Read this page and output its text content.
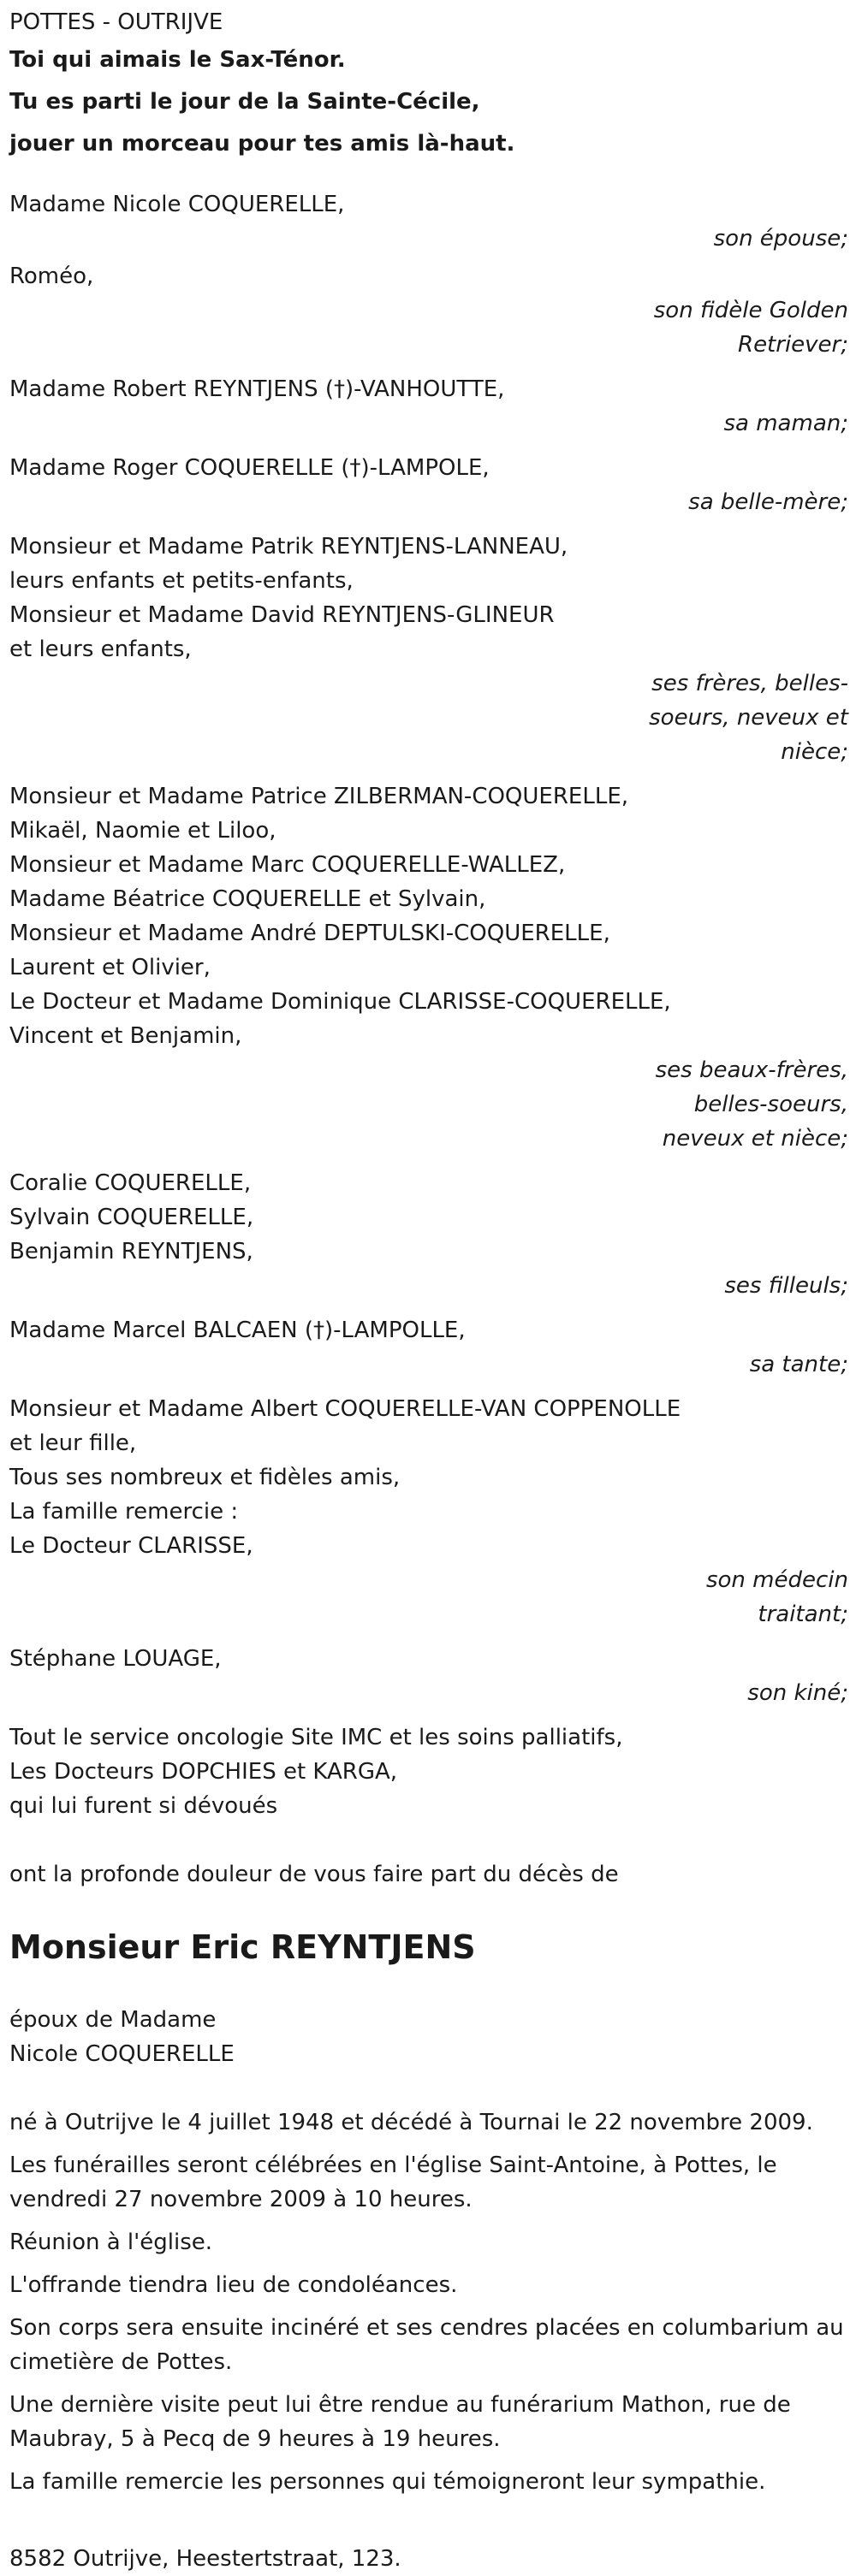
POTTES - OUTRIJVE
Toi qui aimais le Sax-Ténor.
Tu es parti le jour de la Sainte-Cécile,
jouer un morceau pour tes amis là-haut.
Madame Nicole COQUERELLE,
son épouse;
Roméo,
son fidèle Golden
Retriever;
Madame Robert REYNTJENS (†)-VANHOUTTE,
sa maman;
Madame Roger COQUERELLE (†)-LAMPOLE,
sa belle-mère;
Monsieur et Madame Patrik REYNTJENS-LANNEAU,
leurs enfants et petits-enfants,
Monsieur et Madame David REYNTJENS-GLINEUR
et leurs enfants,
ses frères, belles-
soeurs, neveux et
nièce;
Monsieur et Madame Patrice ZILBERMAN-COQUERELLE,
Mikaël, Naomie et Liloo,
Monsieur et Madame Marc COQUERELLE-WALLEZ,
Madame Béatrice COQUERELLE et Sylvain,
Monsieur et Madame André DEPTULSKI-COQUERELLE,
Laurent et Olivier,
Le Docteur et Madame Dominique CLARISSE-COQUERELLE,
Vincent et Benjamin,
ses beaux-frères,
belles-soeurs,
neveux et nièce;
Coralie COQUERELLE,
Sylvain COQUERELLE,
Benjamin REYNTJENS,
ses filleuls;
Madame Marcel BALCAEN (†)-LAMPOLLE,
sa tante;
Monsieur et Madame Albert COQUERELLE-VAN COPPENOLLE
et leur fille,
Tous ses nombreux et fidèles amis,
La famille remercie :
Le Docteur CLARISSE,
son médecin
traitant;
Stéphane LOUAGE,
son kiné;
Tout le service oncologie Site IMC et les soins palliatifs,
Les Docteurs DOPCHIES et KARGA,
qui lui furent si dévoués
ont la profonde douleur de vous faire part du décès de
Monsieur Eric REYNTJENS
époux de Madame
Nicole COQUERELLE

né à Outrijve le 4 juillet 1948 et décédé à Tournai le 22 novembre 2009.

Les funérailles seront célébrées en l'église Saint-Antoine, à Pottes, le vendredi 27 novembre 2009 à 10 heures.

Réunion à l'église.

L'offrande tiendra lieu de condoléances.

Son corps sera ensuite incinéré et ses cendres placées en columbarium au cimetière de Pottes.

Une dernière visite peut lui être rendue au funérarium Mathon, rue de Maubray, 5 à Pecq de 9 heures à 19 heures.

La famille remercie les personnes qui témoigneront leur sympathie.

8582 Outrijve, Heestertstraat, 123.
